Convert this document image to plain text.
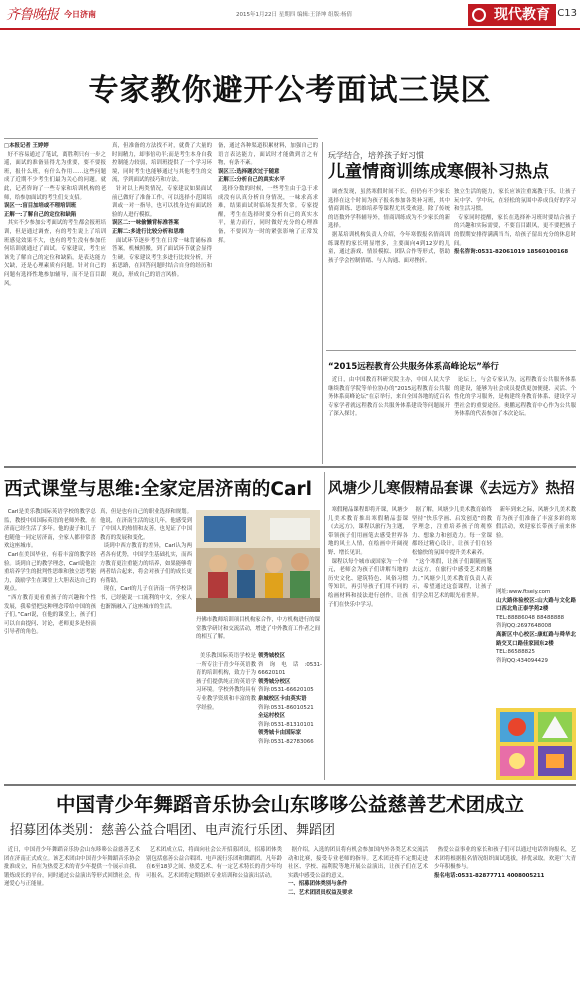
齐鲁晚报 今日济南	2015年1月22日 星期四 编辑:王泽坤 组版:杨倩	现代教育 C13
专家教你避开公考面试三误区
□本报记者 王婷婷
好不容易通过了笔试，离胜利只有一步之遥，面试的准备显得尤为重要，要不要报班，报什么班，有什么作用……这些问题成了近期不少考生们最为关心的问题。就此，记者咨询了一些专家和培训机构的老师，给参加面试的考生们支支招。
误区一:盲目加培或不理培训班
正解一:了解自己的定位和缺陷
其实不少参加公考面试的考生都会报班培训，但是通过调查，有的考生说上了培训班感觉效果不大，也有的考生没有参加任何培训就通过了面试。专家建议，考生应该先了解自己的定位和缺陷，是表达能力欠缺，还是心理素质有问题。针对自己的问题有选择性地参加辅导，而不是盲目跟风。
真，但准备的方法找不对，就费了大量的时间精力，却事倍功半;而是考生本身自我控制能力较弱，培训班提供了一个学习环境，同时考生也能够通过与其他考生的交流，学到面试的技巧和方法。
针对以上两类情况，专家建议如果面试前已做好了准备工作，可以选择小范围培训或一对一指导，也可以找身边有面试经验的人进行模拟。
误区二:一味偷懒背标准答案
正解二:多进行比较分析和思维
面试环节逐步考生在日常一味背诵标准答案，机械照搬，到了面试环节就会显得生硬。专家建议考生多进行比较分析，开拓思路，在回答问题时结合自身的经历和观点，形成自己的语言风格。
备，通过各种渠道积累材料，加强自己的语言表达能力，面试时才能做到言之有物，有条不紊。
误区三:选择题次过于随意
正解三:分析自己的真实水平
选择分数的时候，一些考生由于急于求成没有认真分析自身情况，一味求高求难，结果面试时临场发挥失常。专家提醒，考生在选择时要分析自己的真实水平，量力而行，同时做好充分的心理准备，不要因为一时的紧张影响了正常发挥。
玩学结合，培养孩子好习惯
儿童情商训练成寒假补习热点
调查发现，虽然寒假时间不长，但仍有不少家长选择在这个时间为孩子报名参加各类补习班，其中情商训练、思维培养等课程尤其受欢迎。除了传统的语数外学科辅导外，情商训练成为不少家长的新选择。
据某培训机构负责人介绍，今年寒假报名情商训练课程的家长明显增多，主要面向4到12岁的儿童，通过游戏、情景模拟、团队合作等形式，帮助孩子学会控制情绪、与人沟通、面对挫折。
独立生活的能力，家长应该注重寓教于乐，让孩子玩中学、学中玩，在轻松的氛围中养成良好的学习和生活习惯。
专家同时提醒，家长在选择补习班时要结合孩子的兴趣和实际需要，不要盲目跟风，更不要把孩子的假期安排得满满当当，给孩子留出充分的休息时间。
报名咨询:0531-82061019 18560100168
“2015远程教育公共服务体系高峰论坛”举行
近日，由中国教育科研究院主办，中国人民大学继续教育学院等单位协办的“2015远程教育公共服务体系高峰论坛”在京举行，来自全国各地的近百名专家学者就远程教育公共服务体系建设等问题展开了深入探讨。
论坛上，与会专家认为，远程教育公共服务体系的建设，能够为社会成员提供更加便捷、灵活、个性化的学习服务，是构建终身教育体系、建设学习型社会的重要途径。奥鹏远程教育中心作为公共服务体系的代表参加了本次论坛。
西式课堂与思维:全家定居济南的Carl
Carl是美乐教国际英语学校的教学总监，教授中国国际英语的老师外教，在济南已经生活了多年。他的妻子和儿子也随他一同定居济南，全家人都非常喜欢这座城市。
Carl在美国毕业，有着丰富的教学经验。谈到自己的教学理念，Carl说他注重培养学生的批判性思维和独立思考能力，鼓励学生在课堂上大胆表达自己的观点。
“西方教育更看重孩子的兴趣和个性发展，我希望把这种理念带给中国的孩子们。”Carl说，在他的课堂上，孩子们可以自由提问、讨论，老师更多是扮演引导者的角色。
真，但是也有自己的职业选择和规划。他说，在济南生活的这几年，他感受到了中国人的热情和友善，也见证了中国教育的发展和变化。
谈到中西方教育的差异，Carl认为两者各有优势，中国学生基础扎实，而西方教育更注重能力的培养，如果能够将两者结合起来，将会对孩子们的成长更有帮助。
现在，Carl的儿子在济南一所学校读书，已经能说一口流利的中文，全家人也渐渐融入了这座城市的生活。
丹佛市教师培训项目机构家合作，中方机构进行的课堂教学研讨和交流活动，增进了中外教育工作者之间的相互了解。
美乐教国际英语学校是一所专注于青少年英语教育的培训机构，致力于为孩子们提供纯正的英语学习环境。学校外教均具有专业教学资质和丰富的教学经验。
领秀城校区
咨询电话:0531-66620101
领秀城分校区
咨询:0531-66620105
泉城校区卡由英实语
咨询:0531-86010521
全运村校区
咨询:0531-81310101
领秀城卡由国际家
咨询:0531-82783066
风塘少儿寒假精品套课《去远方》热招
寒假精品课程即将开课，风塘少儿美术教育推出寒假精品套课《去远方》，课程以旅行为主题，带领孩子们用画笔去感受世界各地的风土人情，在绘画中开阔视野、增长见识。
课程以每个城市或国家为一个单元，老师会为孩子们讲解当地的历史文化、建筑特色、风俗习惯等知识，再引导孩子们用不同的绘画材料和技法进行创作，让孩子们在快乐中学习。
据了解，风塘少儿美术教育始终坚持“快乐学画、启发创造”的教学理念，注重培养孩子的观察力、想象力和创造力。每一堂课都经过精心设计，让孩子们在轻松愉快的氛围中提升美术素养。
“这个寒假，让孩子们跟随画笔去远方，在旅行中感受艺术的魅力。”风塘少儿美术教育负责人表示，希望通过这套课程，让孩子们学会用艺术的眼光看世界。
新年到来之际，风塘少儿美术教育为孩子们准备了丰富多彩的寒假活动，欢迎家长带孩子前来体验。
网址:www.ftseiy.com
山大路体验校区:山大路与文化路口西北角正泰学苑2楼
TEL:88886048 88488888
咨询QQ:2697648008
高新区中心校区:康虹路与舜华北路交叉口路佳家园东2楼
TEL:86588825
咨询QQ:434094429
中国青少年舞蹈音乐协会山东哆哆公益慈善艺术团成立
招募团体类别：慈善公益合唱团、电声流行乐团、舞蹈团
近日，中国青少年舞蹈音乐协会山东哆哆公益慈善艺术团在济南正式成立。该艺术团由中国青少年舞蹈音乐协会批准成立，旨在为热爱艺术的青少年提供一个展示自我、锻炼成长的平台，同时通过公益演出等形式回馈社会，传递爱心与正能量。
艺术团成立后，将面向社会公开招募团员，招募团体类别包括慈善公益合唱团、电声流行乐团和舞蹈团。凡年龄在6至18岁之间、热爱艺术、有一定艺术特长的青少年均可报名。艺术团将定期组织专业培训和公益演出活动。
据介绍，入选的团员将有机会参加国内外各类艺术交流活动和比赛，接受专业老师的指导。艺术团还将不定期走进社区、学校、福利院等地开展公益演出，让孩子们在艺术实践中感受公益的意义。
一、招募团体类别与条件
二、艺术团团员权益及要求
热爱公益事业的家长和孩子们可以通过电话咨询报名，艺术团将根据报名情况组织面试选拔，择优录取。欢迎广大青少年积极参与。
报名电话:0531-82877711 4008005211
